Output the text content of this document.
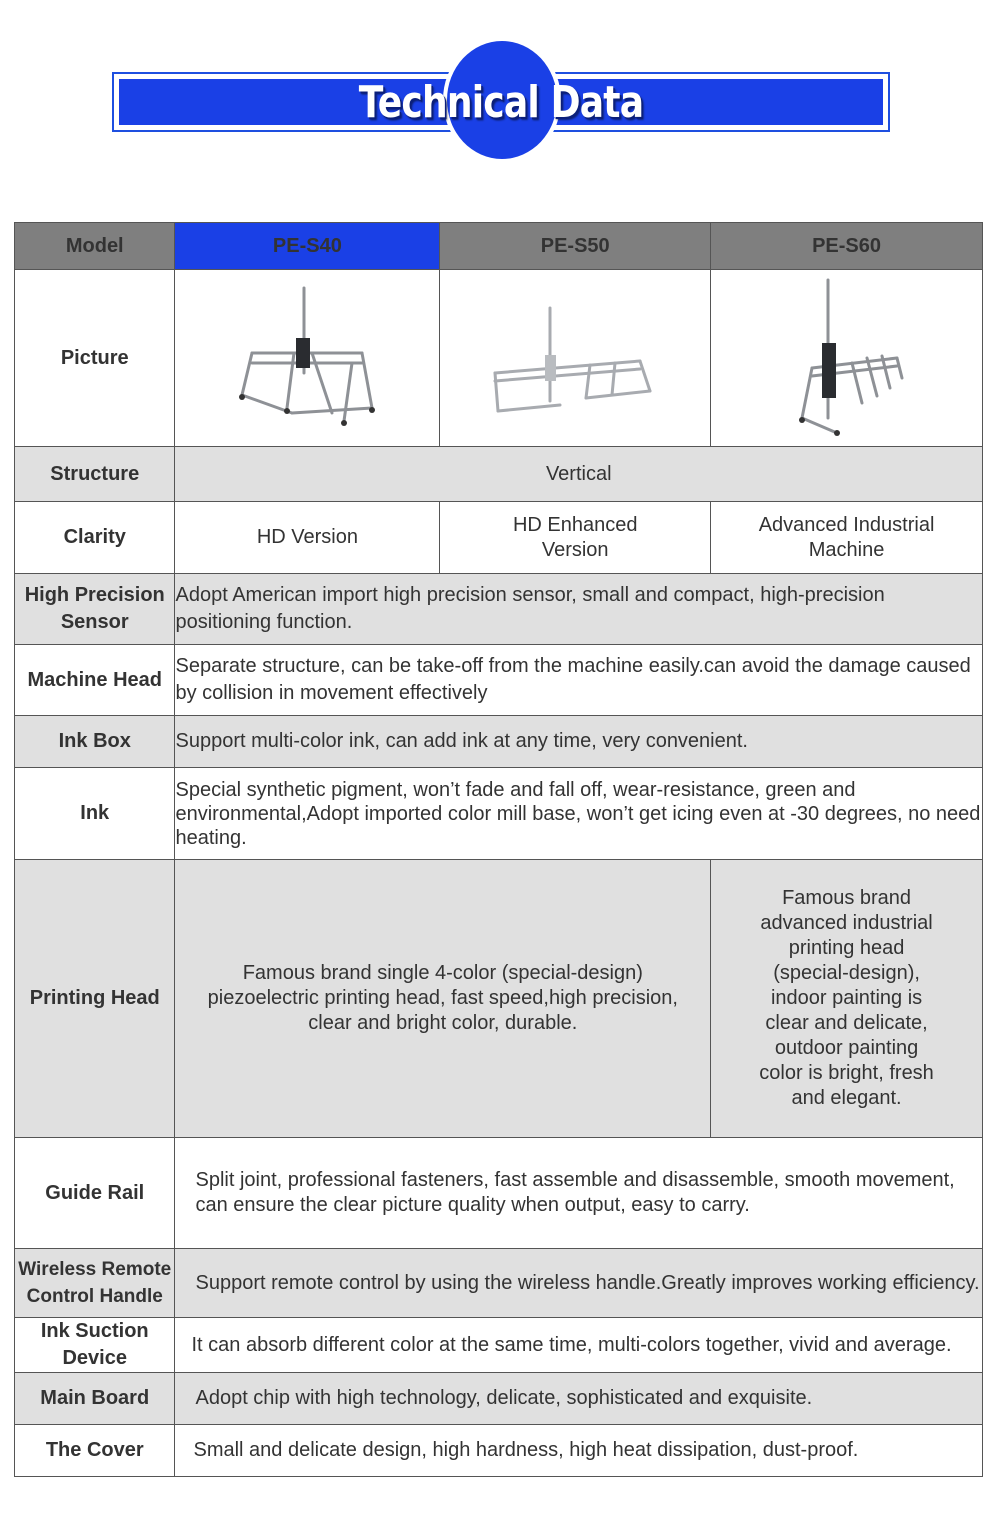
Technical Data
Model	PE-S40	PE-S50	PE-S60
Picture	

Structure	Vertical		
Clarity	HD Version	HD Enhanced Version	Advanced Industrial Machine
High Precision Sensor	Adopt American import high precision sensor, small and compact, high-precision positioning function.		
Machine Head	Separate structure, can be take-off from the machine easily.can avoid the damage caused by collision in movement effectively		
Ink Box	Support multi-color ink, can add ink at any time, very convenient.		
Ink	Special synthetic pigment, won’t fade and fall off, wear-resistance, green and environmental,Adopt imported color mill base, won’t get icing even at -30 degrees, no need heating.		
Printing Head	Famous brand single 4-color (special-design) piezoelectric printing head, fast speed,high precision, clear and bright color, durable.		Famous brand advanced industrial printing head (special-design), indoor painting is clear and delicate, outdoor painting color is bright, fresh and elegant.
Guide Rail	Split joint, professional fasteners, fast assemble and disassemble, smooth movement, can ensure the clear picture quality when output, easy to carry.		
Wireless Remote Control Handle	Support remote control by using the wireless handle.Greatly improves working efficiency.		
Ink Suction Device	It can absorb different color at the same time, multi-colors together, vivid and average.		
Main Board	Adopt chip with high technology, delicate, sophisticated and exquisite.		
The Cover	Small and delicate design, high hardness, high heat dissipation, dust-proof.		
